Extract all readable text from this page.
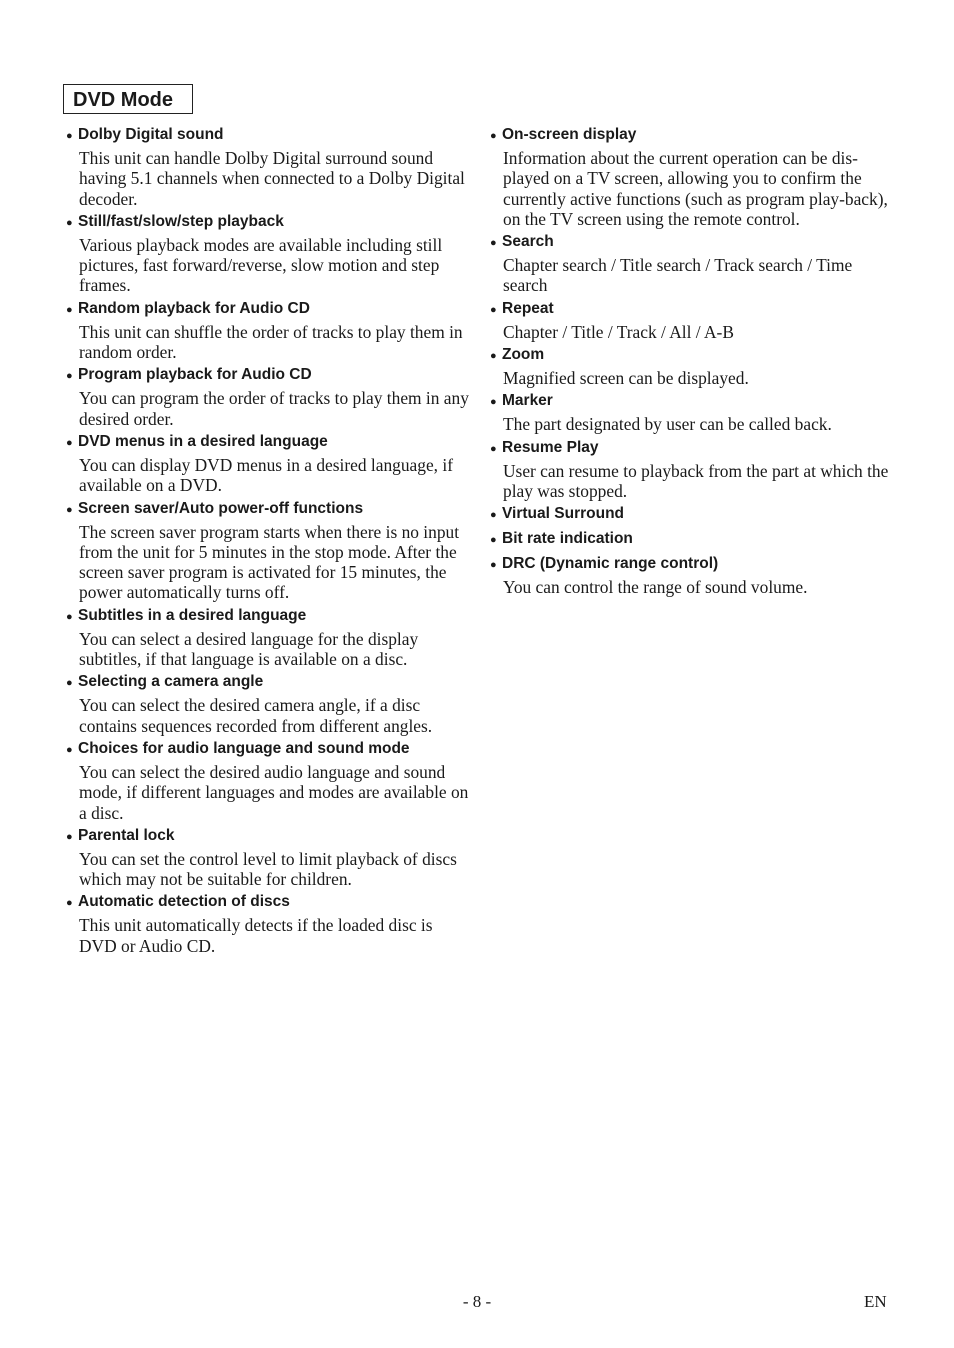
DVD Mode
● Dolby Digital sound
This unit can handle Dolby Digital surround sound having 5.1 channels when connected to a Dolby Digital decoder.
● Still/fast/slow/step playback
Various playback modes are available including still pictures, fast forward/reverse, slow motion and step frames.
● Random playback for Audio CD
This unit can shuffle the order of tracks to play them in random order.
● Program playback for Audio CD
You can program the order of tracks to play them in any desired order.
● DVD menus in a desired language
You can display DVD menus in a desired language, if available on a DVD.
● Screen saver/Auto power-off functions
The screen saver program starts when there is no input from the unit for 5 minutes in the stop mode. After the screen saver program is activated for 15 minutes, the power automatically turns off.
● Subtitles in a desired language
You can select a desired language for the display subtitles, if that language is available on a disc.
● Selecting a camera angle
You can select the desired camera angle, if a disc contains sequences recorded from different angles.
● Choices for audio language and sound mode
You can select the desired audio language and sound mode, if different languages and modes are available on a disc.
● Parental lock
You can set the control level to limit playback of discs which may not be suitable for children.
● Automatic detection of discs
This unit automatically detects if the loaded disc is DVD or Audio CD.
● On-screen display
Information about the current operation can be dis-played on a TV screen, allowing you to confirm the currently active functions (such as program play-back), on the TV screen using the remote control.
● Search
Chapter search / Title search / Track search / Time search
● Repeat
Chapter / Title / Track / All / A-B
● Zoom
Magnified screen can be displayed.
● Marker
The part designated by user can be called back.
● Resume Play
User can resume to playback from the part at which the play was stopped.
● Virtual Surround
● Bit rate indication
● DRC (Dynamic range control)
You can control the range of sound volume.
- 8 -	EN
